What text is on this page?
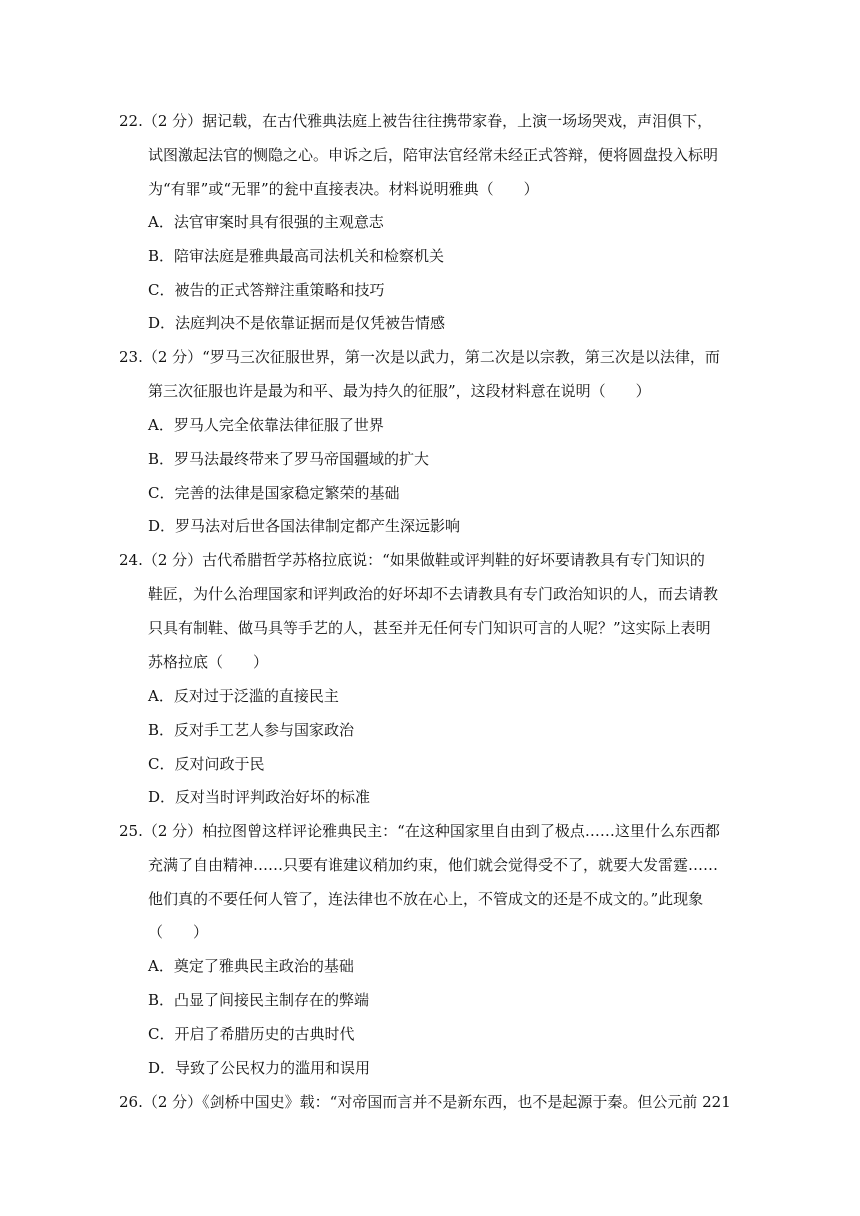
22.（2 分）据记载，在古代雅典法庭上被告往往携带家眷，上演一场场哭戏，声泪俱下，
试图激起法官的恻隐之心。申诉之后，陪审法官经常未经正式答辩，便将圆盘投入标明
为“有罪”或“无罪”的瓮中直接表决。材料说明雅典（　　）
A．法官审案时具有很强的主观意志
B．陪审法庭是雅典最高司法机关和检察机关
C．被告的正式答辩注重策略和技巧
D．法庭判决不是依靠证据而是仅凭被告情感
23.（2 分）“罗马三次征服世界，第一次是以武力，第二次是以宗教，第三次是以法律，而
第三次征服也许是最为和平、最为持久的征服”，这段材料意在说明（　　）
A．罗马人完全依靠法律征服了世界
B．罗马法最终带来了罗马帝国疆域的扩大
C．完善的法律是国家稳定繁荣的基础
D．罗马法对后世各国法律制定都产生深远影响
24.（2 分）古代希腊哲学苏格拉底说：“如果做鞋或评判鞋的好坏要请教具有专门知识的
鞋匠，为什么治理国家和评判政治的好坏却不去请教具有专门政治知识的人，而去请教
只具有制鞋、做马具等手艺的人，甚至并无任何专门知识可言的人呢？”这实际上表明
苏格拉底（　　）
A．反对过于泛滥的直接民主
B．反对手工艺人参与国家政治
C．反对问政于民
D．反对当时评判政治好坏的标准
25.（2 分）柏拉图曾这样评论雅典民主：“在这种国家里自由到了极点……这里什么东西都
充满了自由精神……只要有谁建议稍加约束，他们就会觉得受不了，就要大发雷霆……
他们真的不要任何人管了，连法律也不放在心上，不管成文的还是不成文的。”此现象
（　　）
A．奠定了雅典民主政治的基础
B．凸显了间接民主制存在的弊端
C．开启了希腊历史的古典时代
D．导致了公民权力的滥用和误用
26.（2 分）《剑桥中国史》载：“对帝国而言并不是新东西，也不是起源于秦。但公元前 221
